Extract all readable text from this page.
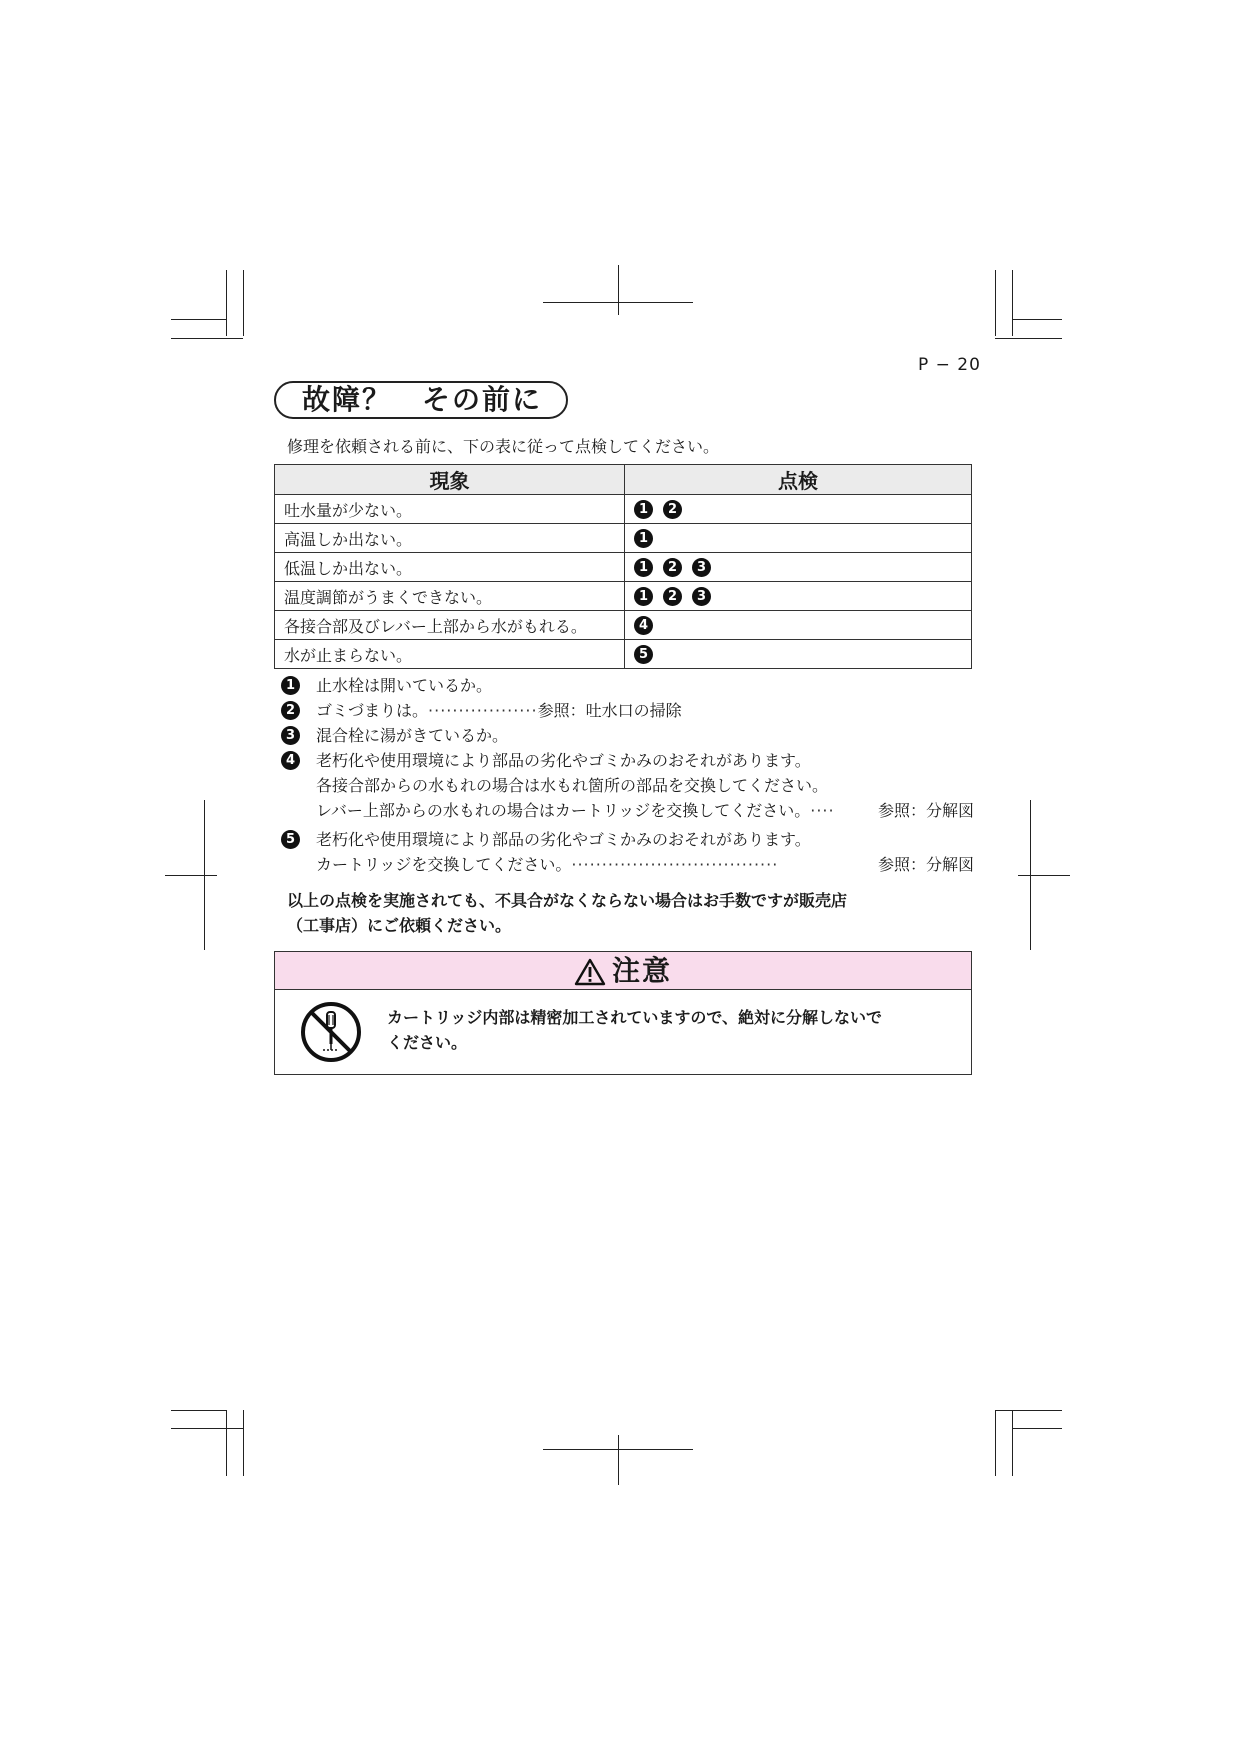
P − 20
故障？　その前に
修理を依頼される前に、下の表に従って点検してください。
現象	点検
吐水量が少ない。	1 2
高温しか出ない。	1
低温しか出ない。	1 2 3
温度調節がうまくできない。	1 2 3
各接合部及びレバー上部から水がもれる。	4
水が止まらない。	5
1	止水栓は開いているか。
2	ゴミづまりは。··················参照：吐水口の掃除
3	混合栓に湯がきているか。
4	老朽化や使用環境により部品の劣化やゴミかみのおそれがあります。
各接合部からの水もれの場合は水もれ箇所の部品を交換してください。
レバー上部からの水もれの場合はカートリッジを交換してください。····	参照：分解図
5	老朽化や使用環境により部品の劣化やゴミかみのおそれがあります。
カートリッジを交換してください。··································	参照：分解図
以上の点検を実施されても、不具合がなくならない場合はお手数ですが販売店
（工事店）にご依頼ください。
注意
カートリッジ内部は精密加工されていますので、絶対に分解しないで
ください。
